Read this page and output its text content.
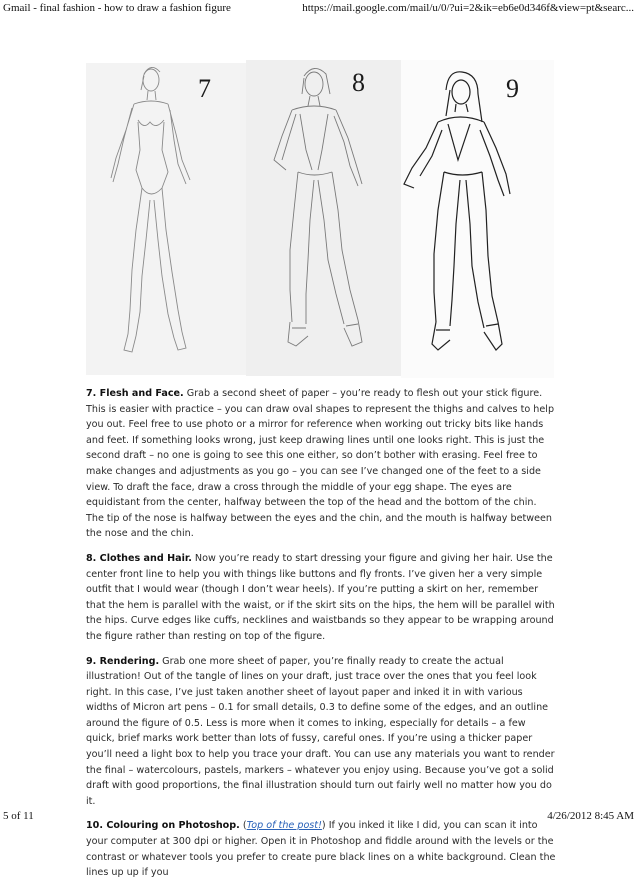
Gmail - final fashion - how to draw a fashion figure	https://mail.google.com/mail/u/0/?ui=2&ik=eb6e0d346f&view=pt&searc...
7	8	9

7. Flesh and Face. Grab a second sheet of paper – you’re ready to flesh out your stick figure. This is easier with practice – you can draw oval shapes to represent the thighs and calves to help you out. Feel free to use photo or a mirror for reference when working out tricky bits like hands and feet. If something looks wrong, just keep drawing lines until one looks right. This is just the second draft – no one is going to see this one either, so don’t bother with erasing. Feel free to make changes and adjustments as you go – you can see I’ve changed one of the feet to a side view. To draft the face, draw a cross through the middle of your egg shape. The eyes are equidistant from the center, halfway between the top of the head and the bottom of the chin. The tip of the nose is halfway between the eyes and the chin, and the mouth is halfway between the nose and the chin.

8. Clothes and Hair. Now you’re ready to start dressing your figure and giving her hair. Use the center front line to help you with things like buttons and fly fronts. I’ve given her a very simple outfit that I would wear (though I don’t wear heels). If you’re putting a skirt on her, remember that the hem is parallel with the waist, or if the skirt sits on the hips, the hem will be parallel with the hips. Curve edges like cuffs, necklines and waistbands so they appear to be wrapping around the figure rather than resting on top of the figure.

9. Rendering. Grab one more sheet of paper, you’re finally ready to create the actual illustration! Out of the tangle of lines on your draft, just trace over the ones that you feel look right. In this case, I’ve just taken another sheet of layout paper and inked it in with various widths of Micron art pens – 0.1 for small details, 0.3 to define some of the edges, and an outline around the figure of 0.5. Less is more when it comes to inking, especially for details – a few quick, brief marks work better than lots of fussy, careful ones. If you’re using a thicker paper you’ll need a light box to help you trace your draft. You can use any materials you want to render the final – watercolours, pastels, markers – whatever you enjoy using. Because you’ve got a solid draft with good proportions, the final illustration should turn out fairly well no matter how you do it.

10. Colouring on Photoshop. (Top of the post!) If you inked it like I did, you can scan it into your computer at 300 dpi or higher. Open it in Photoshop and fiddle around with the levels or the contrast or whatever tools you prefer to create pure black lines on a white background. Clean the lines up up if you

5 of 11	4/26/2012 8:45 AM
